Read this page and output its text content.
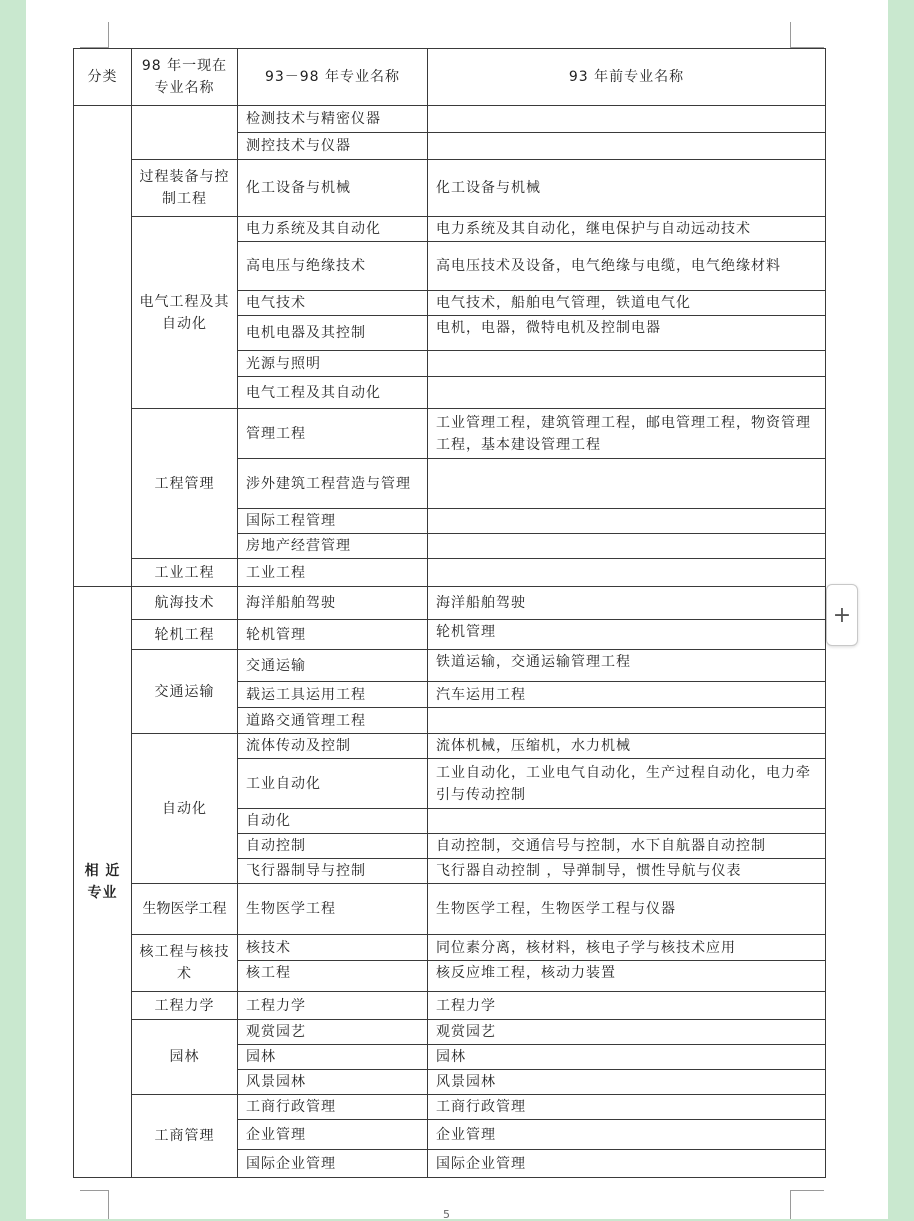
分类	98 年一现在专业名称	93－98 年专业名称	93 年前专业名称
		检测技术与精密仪器	
		测控技术与仪器	
	过程装备与控制工程	化工设备与机械	化工设备与机械
	电气工程及其自动化	电力系统及其自动化	电力系统及其自动化，继电保护与自动远动技术
		高电压与绝缘技术	高电压技术及设备，电气绝缘与电缆，电气绝缘材料
		电气技术	电气技术，船舶电气管理，铁道电气化
		电机电器及其控制	电机，电器，微特电机及控制电器
		光源与照明	
		电气工程及其自动化	
	工程管理	管理工程	工业管理工程，建筑管理工程，邮电管理工程，物资管理工程，基本建设管理工程
		涉外建筑工程营造与管理	
		国际工程管理	
		房地产经营管理	
	工业工程	工业工程	
相 近 专业	航海技术	海洋船舶驾驶	海洋船舶驾驶
	轮机工程	轮机管理	轮机管理
	交通运输	交通运输	铁道运输，交通运输管理工程
		载运工具运用工程	汽车运用工程
		道路交通管理工程	
	自动化	流体传动及控制	流体机械，压缩机，水力机械
		工业自动化	工业自动化，工业电气自动化，生产过程自动化，电力牵引与传动控制
		自动化	
		自动控制	自动控制，交通信号与控制，水下自航器自动控制
		飞行器制导与控制	飞行器自动控制 ，导弹制导，惯性导航与仪表
	生物医学工程	生物医学工程	生物医学工程，生物医学工程与仪器
	核工程与核技术	核技术	同位素分离，核材料，核电子学与核技术应用
		核工程	核反应堆工程，核动力装置
	工程力学	工程力学	工程力学
	园林	观赏园艺	观赏园艺
		园林	园林
		风景园林	风景园林
	工商管理	工商行政管理	工商行政管理
		企业管理	企业管理
		国际企业管理	国际企业管理
+
5
